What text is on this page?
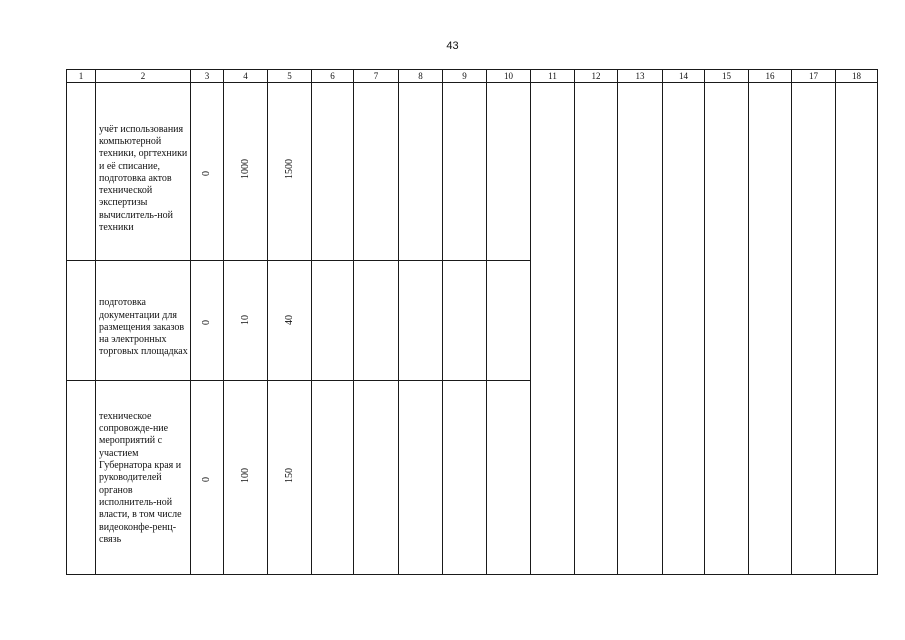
43
1	2	3	4	5	6	7	8	9	10	11	12	13	14	15	16	17	18

	учёт использования компьютерной техники, оргтехники и её списание, подготовка актов технической экспертизы вычислитель-ной техники	0	1000	1500													

	подготовка документации для размещения заказов на электронных торговых площадках	0	10	40													

	техническое сопровожде-ние мероприятий с участием Губернатора края и руководителей органов исполнитель-ной власти, в том числе видеоконфе-ренц-связь	0	100	150													
